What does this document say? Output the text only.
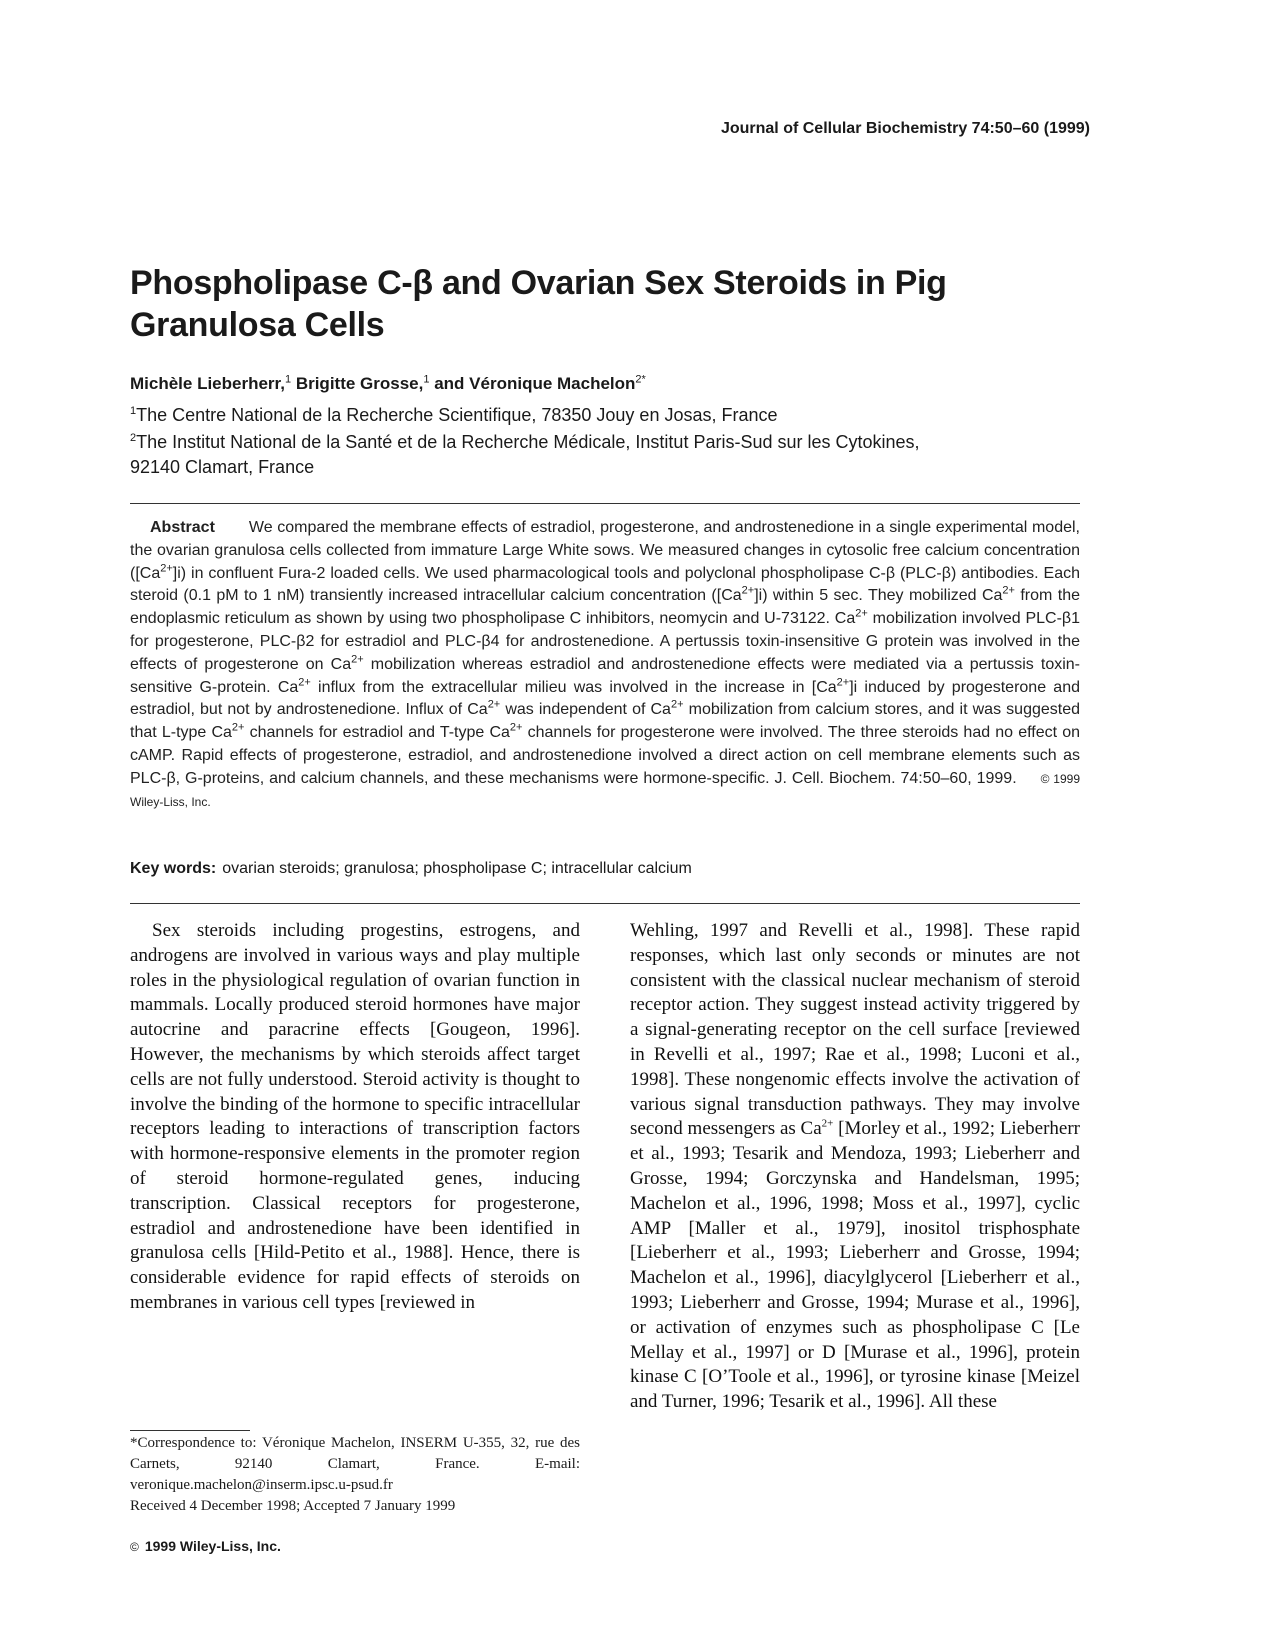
Journal of Cellular Biochemistry 74:50–60 (1999)
Phospholipase C-β and Ovarian Sex Steroids in Pig
Granulosa Cells
Michèle Lieberherr,$^1$ Brigitte Grosse,$^1$ and Véronique Machelon$^{2*}$
$^1$The Centre National de la Recherche Scientifique, 78350 Jouy en Josas, France
$^2$The Institut National de la Santé et de la Recherche Médicale, Institut Paris-Sud sur les Cytokines,
92140 Clamart, France
Abstract We compared the membrane effects of estradiol, progesterone, and androstenedione in a single experimental model, the ovarian granulosa cells collected from immature Large White sows. We measured changes in cytosolic free calcium concentration $([Ca^{2+}]i)$ in confluent Fura-2 loaded cells. We used pharmacological tools and polyclonal phospholipase C-β (PLC-β) antibodies. Each steroid (0.1 pM to 1 nM) transiently increased intracellular calcium concentration $([Ca^{2+}]i)$ within 5 sec. They mobilized $Ca^{2+}$ from the endoplasmic reticulum as shown by using two phospholipase C inhibitors, neomycin and U-73122. $Ca^{2+}$ mobilization involved PLC-β1 for progesterone, PLC-β2 for estradiol and PLC-β4 for androstenedione. A pertussis toxin-insensitive G protein was involved in the effects of progesterone on $Ca^{2+}$ mobilization whereas estradiol and androstenedione effects were mediated via a pertussis toxin-sensitive G-protein. $Ca^{2+}$ influx from the extracellular milieu was involved in the increase in $[Ca^{2+}]i$ induced by progesterone and estradiol, but not by androstenedione. Influx of $Ca^{2+}$ was independent of $Ca^{2+}$ mobilization from calcium stores, and it was suggested that L-type $Ca^{2+}$ channels for estradiol and T-type $Ca^{2+}$ channels for progesterone were involved. The three steroids had no effect on cAMP. Rapid effects of progesterone, estradiol, and androstenedione involved a direct action on cell membrane elements such as PLC-β, G-proteins, and calcium channels, and these mechanisms were hormone-specific. J. Cell. Biochem. 74:50–60, 1999. © 1999 Wiley-Liss, Inc.
Key words: ovarian steroids; granulosa; phospholipase C; intracellular calcium

Sex steroids including progestins, estrogens, and androgens are involved in various ways and play multiple roles in the physiological regulation of ovarian function in mammals. Locally produced steroid hormones have major autocrine and paracrine effects [Gougeon, 1996]. However, the mechanisms by which steroids affect target cells are not fully understood. Steroid activity is thought to involve the binding of the hormone to specific intracellular receptors leading to interactions of transcription factors with hormone-responsive elements in the promoter region of steroid hormone-regulated genes, inducing transcription. Classical receptors for progesterone, estradiol and androstenedione have been identified in granulosa cells [Hild-Petito et al., 1988]. Hence, there is considerable evidence for rapid effects of steroids on membranes in various cell types [reviewed in

Wehling, 1997 and Revelli et al., 1998]. These rapid responses, which last only seconds or minutes are not consistent with the classical nuclear mechanism of steroid receptor action. They suggest instead activity triggered by a signal-generating receptor on the cell surface [reviewed in Revelli et al., 1997; Rae et al., 1998; Luconi et al., 1998]. These nongenomic effects involve the activation of various signal transduction pathways. They may involve second messengers as $Ca^{2+}$ [Morley et al., 1992; Lieberherr et al., 1993; Tesarik and Mendoza, 1993; Lieberherr and Grosse, 1994; Gorczynska and Handelsman, 1995; Machelon et al., 1996, 1998; Moss et al., 1997], cyclic AMP [Maller et al., 1979], inositol trisphosphate [Lieberherr et al., 1993; Lieberherr and Grosse, 1994; Machelon et al., 1996], diacylglycerol [Lieberherr et al., 1993; Lieberherr and Grosse, 1994; Murase et al., 1996], or activation of enzymes such as phospholipase C [Le Mellay et al., 1997] or D [Murase et al., 1996], protein kinase C [O’Toole et al., 1996], or tyrosine kinase [Meizel and Turner, 1996; Tesarik et al., 1996]. All these

*Correspondence to: Véronique Machelon, INSERM U-355, 32, rue des Carnets, 92140 Clamart, France. E-mail: veronique.machelon@inserm.ipsc.u-psud.fr
Received 4 December 1998; Accepted 7 January 1999
© 1999 Wiley-Liss, Inc.
